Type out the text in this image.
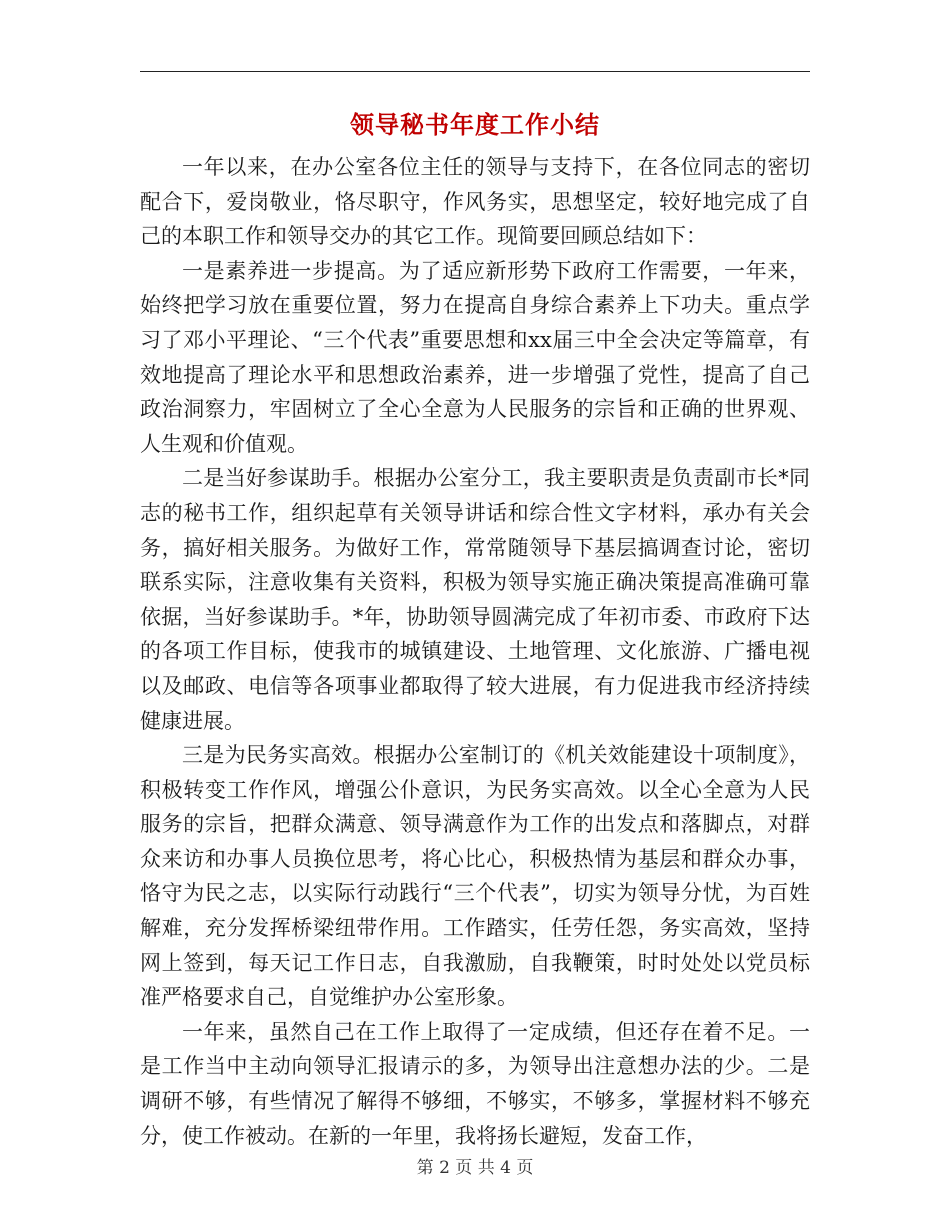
领导秘书年度工作小结

一年以来，在办公室各位主任的领导与支持下，在各位同志的密切配合下，爱岗敬业，恪尽职守，作风务实，思想坚定，较好地完成了自己的本职工作和领导交办的其它工作。现简要回顾总结如下：

一是素养进一步提高。为了适应新形势下政府工作需要，一年来，始终把学习放在重要位置，努力在提高自身综合素养上下功夫。重点学习了邓小平理论、“三个代表”重要思想和xx届三中全会决定等篇章，有效地提高了理论水平和思想政治素养，进一步增强了党性，提高了自己政治洞察力，牢固树立了全心全意为人民服务的宗旨和正确的世界观、人生观和价值观。

二是当好参谋助手。根据办公室分工，我主要职责是负责副市长*同志的秘书工作，组织起草有关领导讲话和综合性文字材料，承办有关会务，搞好相关服务。为做好工作，常常随领导下基层搞调查讨论，密切联系实际，注意收集有关资料，积极为领导实施正确决策提高准确可靠依据，当好参谋助手。*年，协助领导圆满完成了年初市委、市政府下达的各项工作目标，使我市的城镇建设、土地管理、文化旅游、广播电视以及邮政、电信等各项事业都取得了较大进展，有力促进我市经济持续健康进展。

三是为民务实高效。根据办公室制订的《机关效能建设十项制度》，积极转变工作作风，增强公仆意识，为民务实高效。以全心全意为人民服务的宗旨，把群众满意、领导满意作为工作的出发点和落脚点，对群众来访和办事人员换位思考，将心比心，积极热情为基层和群众办事，恪守为民之志，以实际行动践行“三个代表”，切实为领导分忧，为百姓解难，充分发挥桥梁纽带作用。工作踏实，任劳任怨，务实高效，坚持网上签到，每天记工作日志，自我激励，自我鞭策，时时处处以党员标准严格要求自己，自觉维护办公室形象。

一年来，虽然自己在工作上取得了一定成绩，但还存在着不足。一是工作当中主动向领导汇报请示的多，为领导出注意想办法的少。二是调研不够，有些情况了解得不够细，不够实，不够多，掌握材料不够充分，使工作被动。在新的一年里，我将扬长避短，发奋工作，

第 2 页 共 4 页
